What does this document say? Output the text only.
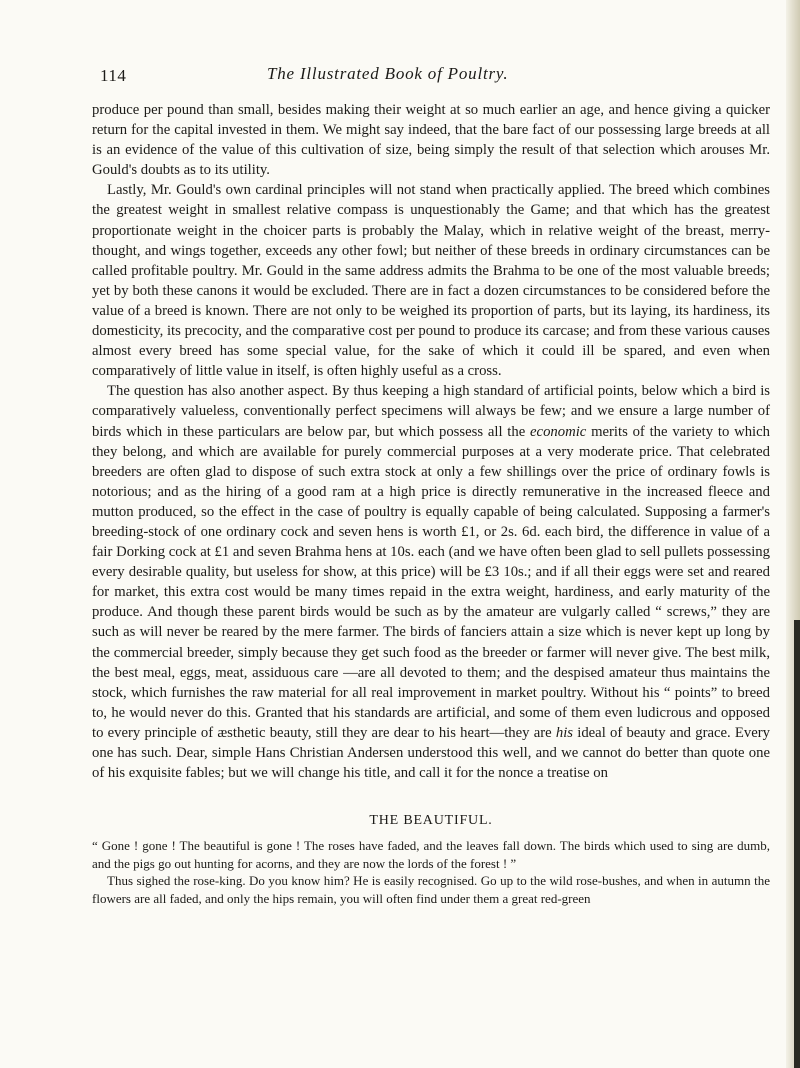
114	The Illustrated Book of Poultry.

produce per pound than small, besides making their weight at so much earlier an age, and hence giving a quicker return for the capital invested in them. We might say indeed, that the bare fact of our possessing large breeds at all is an evidence of the value of this cultivation of size, being simply the result of that selection which arouses Mr. Gould's doubts as to its utility.

Lastly, Mr. Gould's own cardinal principles will not stand when practically applied. The breed which combines the greatest weight in smallest relative compass is unquestionably the Game; and that which has the greatest proportionate weight in the choicer parts is probably the Malay, which in relative weight of the breast, merry-thought, and wings together, exceeds any other fowl; but neither of these breeds in ordinary circumstances can be called profitable poultry. Mr. Gould in the same address admits the Brahma to be one of the most valuable breeds; yet by both these canons it would be excluded. There are in fact a dozen circumstances to be considered before the value of a breed is known. There are not only to be weighed its proportion of parts, but its laying, its hardiness, its domesticity, its precocity, and the comparative cost per pound to produce its carcase; and from these various causes almost every breed has some special value, for the sake of which it could ill be spared, and even when comparatively of little value in itself, is often highly useful as a cross.

The question has also another aspect. By thus keeping a high standard of artificial points, below which a bird is comparatively valueless, conventionally perfect specimens will always be few; and we ensure a large number of birds which in these particulars are below par, but which possess all the economic merits of the variety to which they belong, and which are available for purely commercial purposes at a very moderate price. That celebrated breeders are often glad to dispose of such extra stock at only a few shillings over the price of ordinary fowls is notorious; and as the hiring of a good ram at a high price is directly remunerative in the increased fleece and mutton produced, so the effect in the case of poultry is equally capable of being calculated. Supposing a farmer's breeding-stock of one ordinary cock and seven hens is worth £1, or 2s. 6d. each bird, the difference in value of a fair Dorking cock at £1 and seven Brahma hens at 10s. each (and we have often been glad to sell pullets possessing every desirable quality, but useless for show, at this price) will be £3 10s.; and if all their eggs were set and reared for market, this extra cost would be many times repaid in the extra weight, hardiness, and early maturity of the produce. And though these parent birds would be such as by the amateur are vulgarly called “ screws,” they are such as will never be reared by the mere farmer. The birds of fanciers attain a size which is never kept up long by the commercial breeder, simply because they get such food as the breeder or farmer will never give. The best milk, the best meal, eggs, meat, assiduous care —are all devoted to them; and the despised amateur thus maintains the stock, which furnishes the raw material for all real improvement in market poultry. Without his “ points” to breed to, he would never do this. Granted that his standards are artificial, and some of them even ludicrous and opposed to every principle of æsthetic beauty, still they are dear to his heart—they are his ideal of beauty and grace. Every one has such. Dear, simple Hans Christian Andersen understood this well, and we cannot do better than quote one of his exquisite fables; but we will change his title, and call it for the nonce a treatise on

THE BEAUTIFUL.

“ Gone ! gone ! The beautiful is gone ! The roses have faded, and the leaves fall down. The birds which used to sing are dumb, and the pigs go out hunting for acorns, and they are now the lords of the forest ! ”

Thus sighed the rose-king. Do you know him? He is easily recognised. Go up to the wild rose-bushes, and when in autumn the flowers are all faded, and only the hips remain, you will often find under them a great red-green
